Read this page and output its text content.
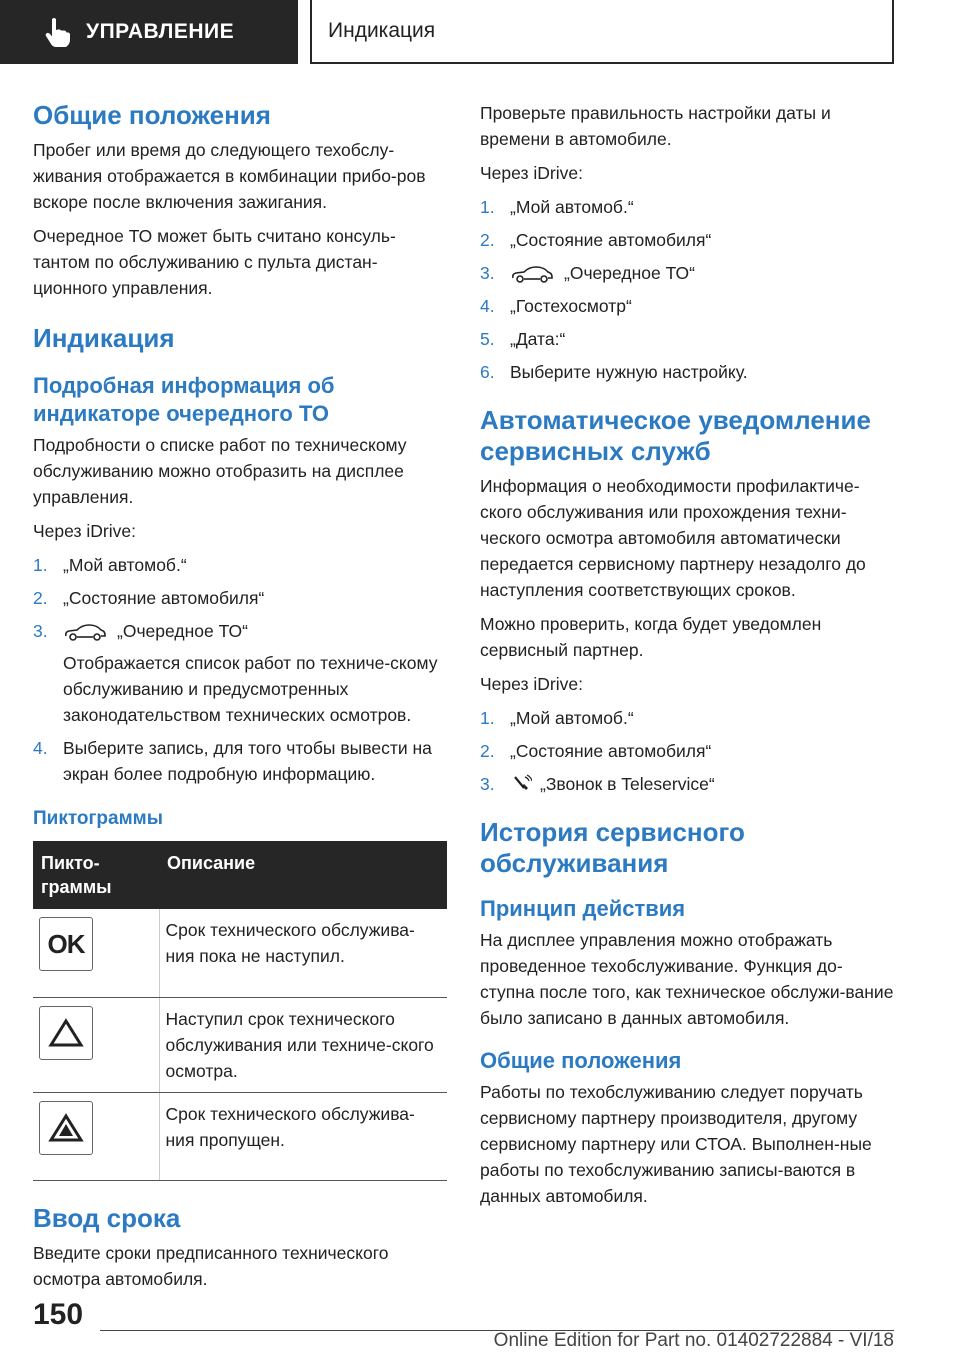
УПРАВЛЕНИЕ	Индикация
Общие положения

Пробег или время до следующего техобслу-живания отображается в комбинации прибо-ров вскоре после включения зажигания.

Очередное ТО может быть считано консуль-тантом по обслуживанию с пульта дистан-ционного управления.

Индикация
Подробная информация об индикаторе очередного ТО

Подробности о списке работ по техническому обслуживанию можно отобразить на дисплее управления.

Через iDrive:

1. „Мой автомоб.“
2. „Состояние автомобиля“
3.	„Очередное ТО“
Отображается список работ по техниче-скому обслуживанию и предусмотренных законодательством технических осмотров.
4. Выберите запись, для того чтобы вывести на экран более подробную информацию.
Пиктограммы
Пикто-граммы	Описание

OK	Срок технического обслужива-ния пока не наступил.

	Наступил срок технического обслуживания или техниче-ского осмотра.

	Срок технического обслужива-ния пропущен.
Ввод срока

Введите сроки предписанного технического осмотра автомобиля.

Проверьте правильность настройки даты и времени в автомобиле.

Через iDrive:

1. „Мой автомоб.“
2. „Состояние автомобиля“
3.	„Очередное ТО“
4. „Гостехосмотр“
5. „Дата:“
6. Выберите нужную настройку.
Автоматическое уведомление сервисных служб

Информация о необходимости профилактиче-ского обслуживания или прохождения техни-ческого осмотра автомобиля автоматически передается сервисному партнеру незадолго до наступления соответствующих сроков.

Можно проверить, когда будет уведомлен сервисный партнер.

Через iDrive:

1. „Мой автомоб.“
2. „Состояние автомобиля“
3.	„Звонок в Teleservice“
История сервисного обслуживания
Принцип действия

На дисплее управления можно отображать проведенное техобслуживание. Функция до-ступна после того, как техническое обслужи-вание было записано в данных автомобиля.

Общие положения

Работы по техобслуживанию следует поручать сервисному партнеру производителя, другому сервисному партнеру или СТОА. Выполнен-ные работы по техобслуживанию записы-ваются в данных автомобиля.

150
Online Edition for Part no. 01402722884 - VI/18
